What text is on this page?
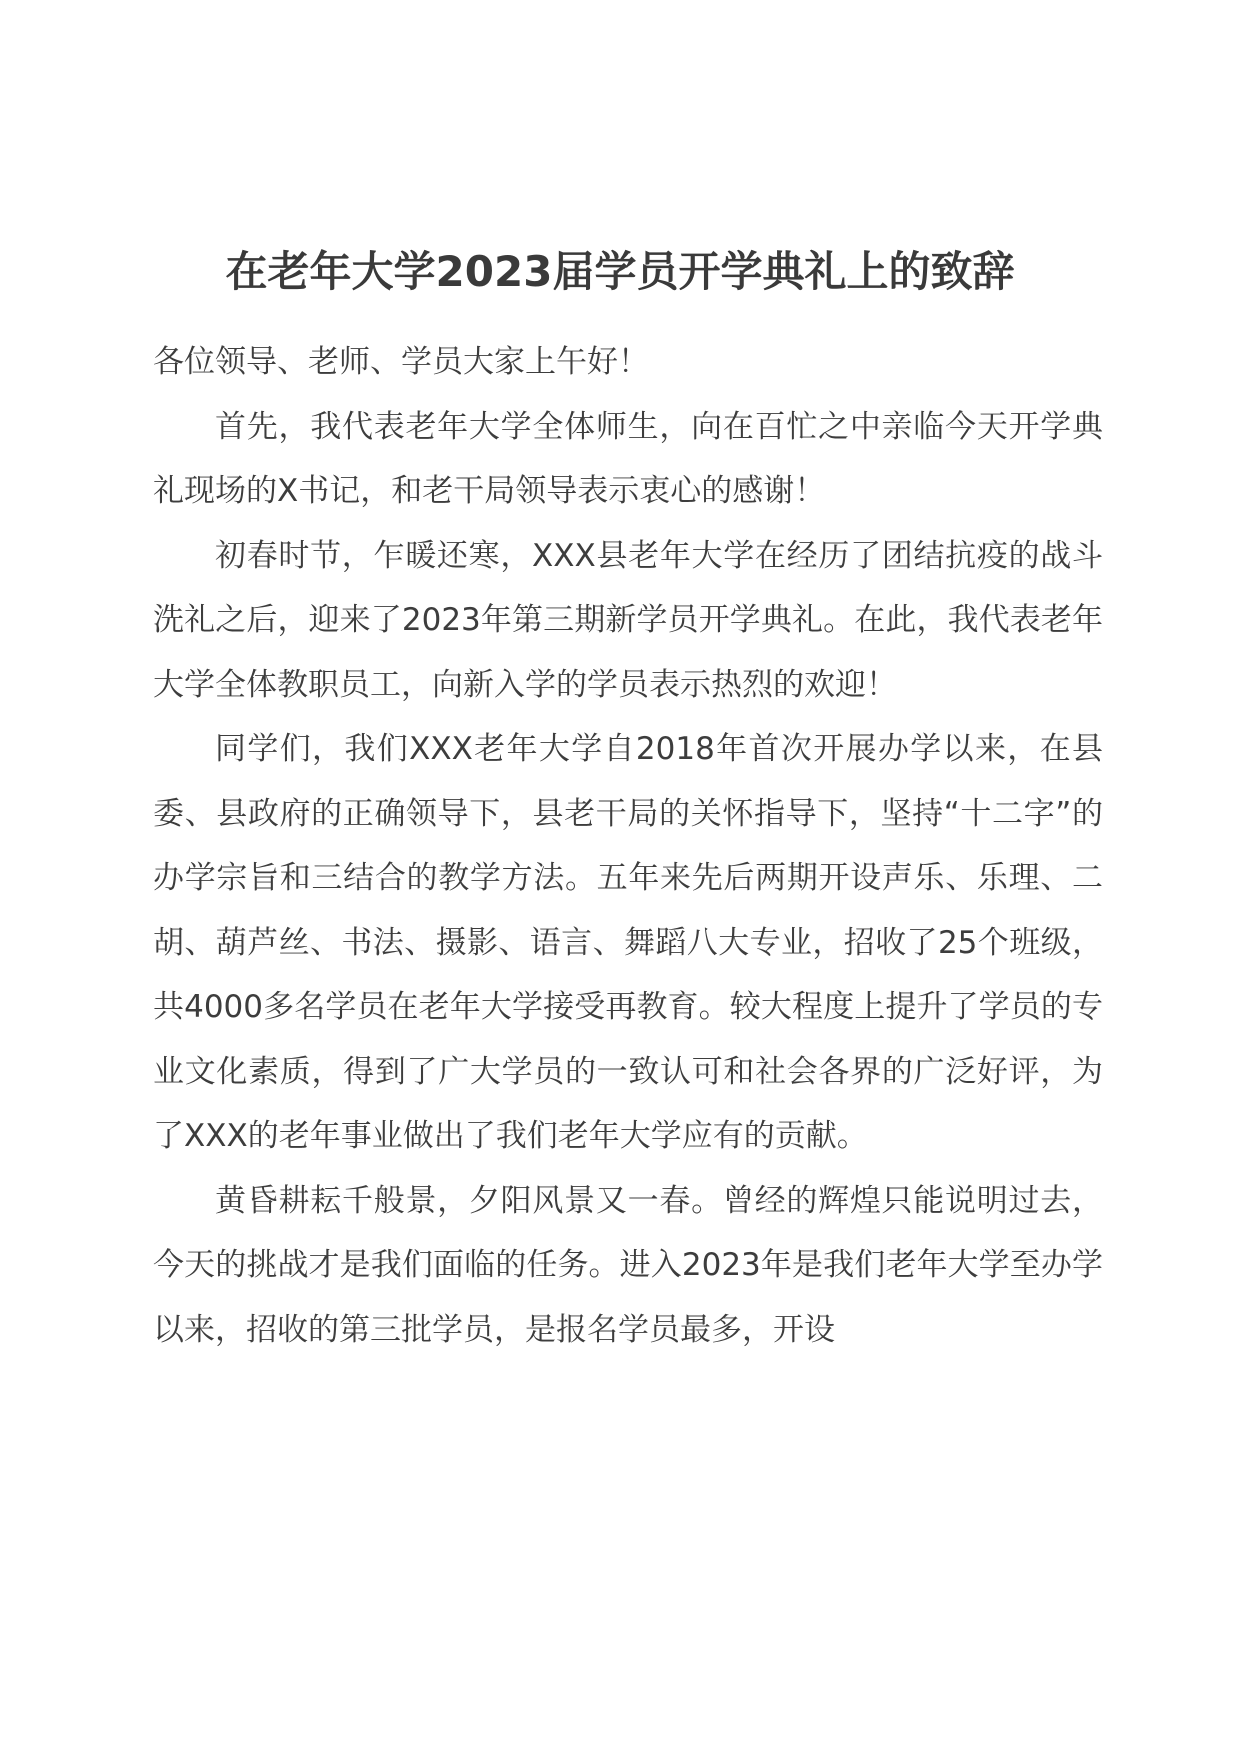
在老年大学2023届学员开学典礼上的致辞

各位领导、老师、学员大家上午好！

首先，我代表老年大学全体师生，向在百忙之中亲临今天开学典礼现场的X书记，和老干局领导表示衷心的感谢！

初春时节，乍暖还寒，XXX县老年大学在经历了团结抗疫的战斗洗礼之后，迎来了2023年第三期新学员开学典礼。在此，我代表老年大学全体教职员工，向新入学的学员表示热烈的欢迎！

同学们，我们XXX老年大学自2018年首次开展办学以来，在县委、县政府的正确领导下，县老干局的关怀指导下，坚持“十二字”的办学宗旨和三结合的教学方法。五年来先后两期开设声乐、乐理、二胡、葫芦丝、书法、摄影、语言、舞蹈八大专业，招收了25个班级，共4000多名学员在老年大学接受再教育。较大程度上提升了学员的专业文化素质，得到了广大学员的一致认可和社会各界的广泛好评，为了XXX的老年事业做出了我们老年大学应有的贡献。

黄昏耕耘千般景，夕阳风景又一春。曾经的辉煌只能说明过去，今天的挑战才是我们面临的任务。进入2023年是我们老年大学至办学以来，招收的第三批学员，是报名学员最多，开设
